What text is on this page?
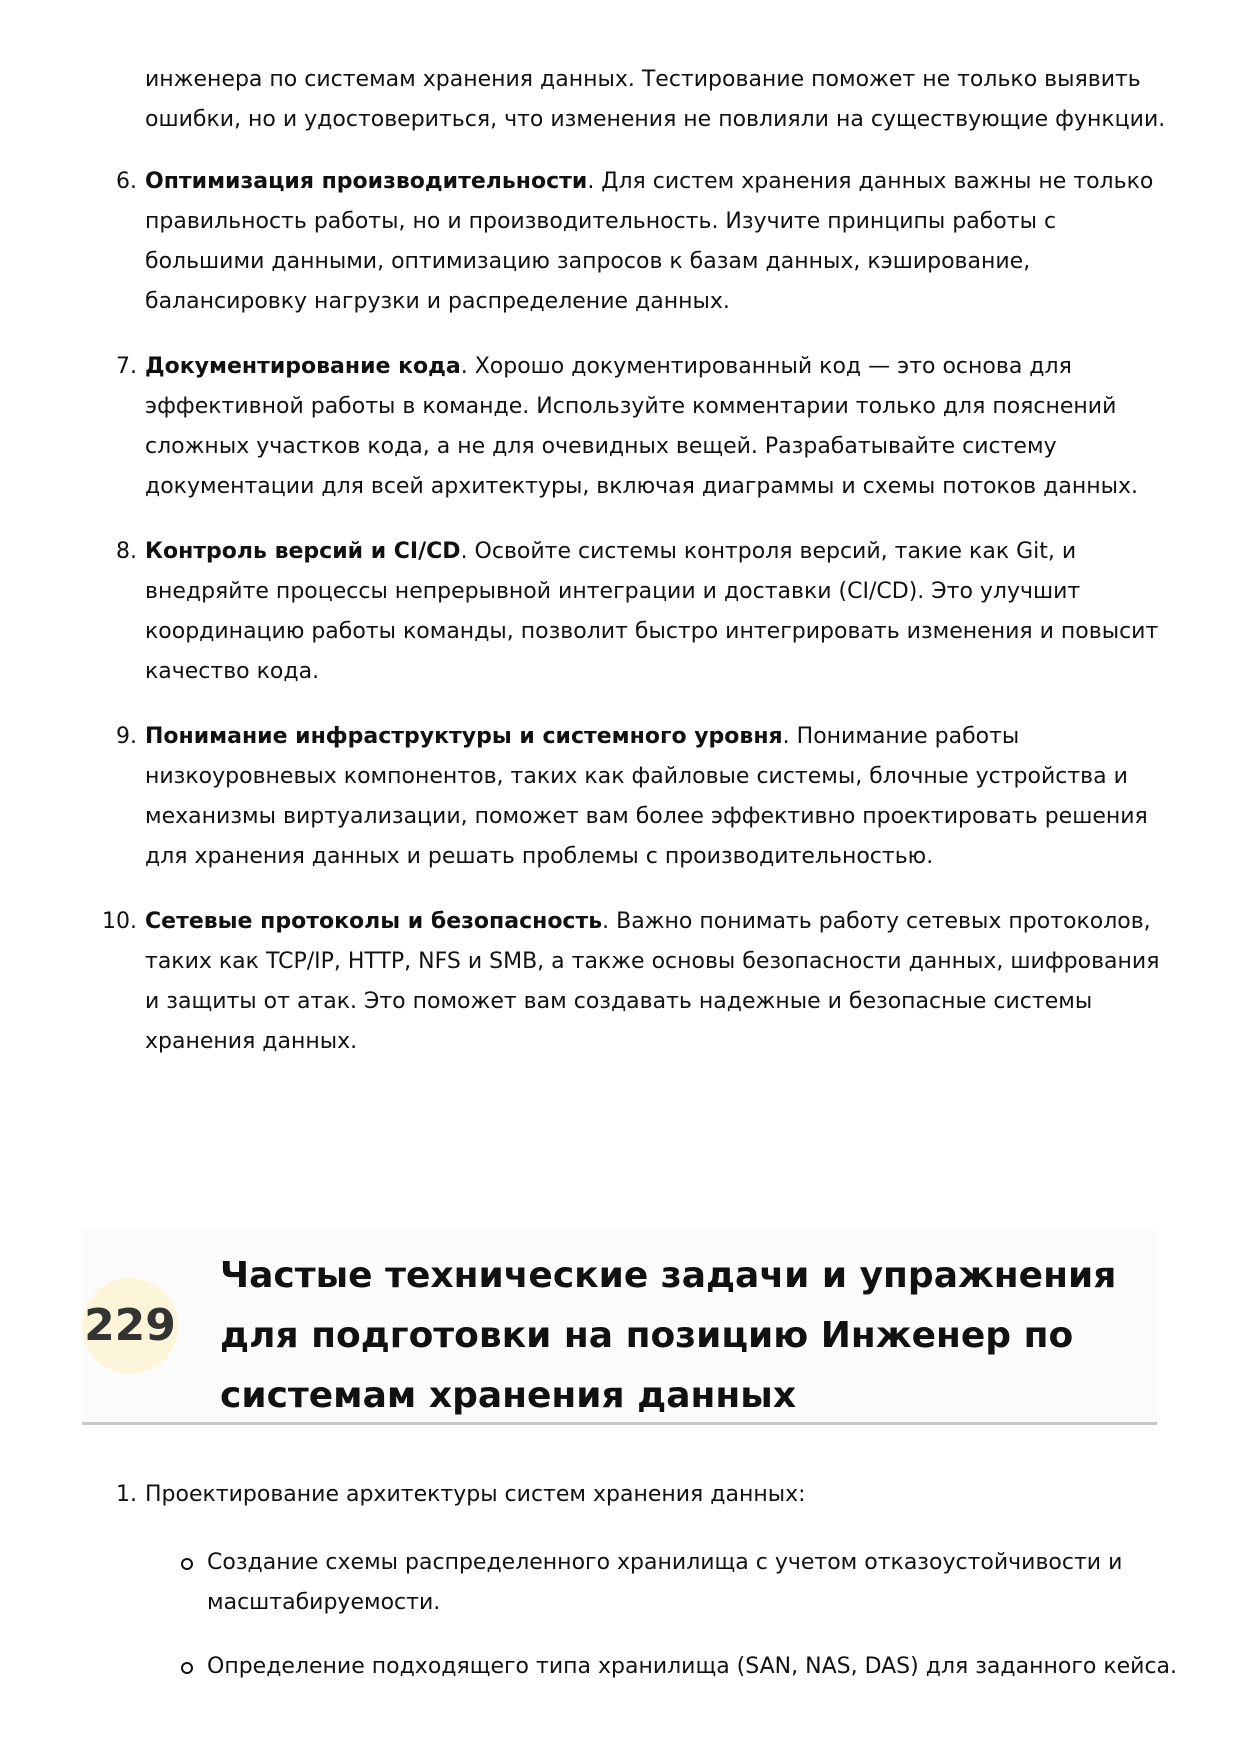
инженера по системам хранения данных. Тестирование поможет не только выявить
ошибки, но и удостовериться, что изменения не повлияли на существующие функции.
6. Оптимизация производительности. Для систем хранения данных важны не только правильность работы, но и производительность. Изучите принципы работы с большими данными, оптимизацию запросов к базам данных, кэширование, балансировку нагрузки и распределение данных.
7. Документирование кода. Хорошо документированный код — это основа для эффективной работы в команде. Используйте комментарии только для пояснений сложных участков кода, а не для очевидных вещей. Разрабатывайте систему документации для всей архитектуры, включая диаграммы и схемы потоков данных.
8. Контроль версий и CI/CD. Освойте системы контроля версий, такие как Git, и внедряйте процессы непрерывной интеграции и доставки (CI/CD). Это улучшит координацию работы команды, позволит быстро интегрировать изменения и повысит качество кода.
9. Понимание инфраструктуры и системного уровня. Понимание работы низкоуровневых компонентов, таких как файловые системы, блочные устройства и механизмы виртуализации, поможет вам более эффективно проектировать решения для хранения данных и решать проблемы с производительностью.
10. Сетевые протоколы и безопасность. Важно понимать работу сетевых протоколов, таких как TCP/IP, HTTP, NFS и SMB, а также основы безопасности данных, шифрования и защиты от атак. Это поможет вам создавать надежные и безопасные системы хранения данных.
229
Частые технические задачи и упражнения для подготовки на позицию Инженер по системам хранения данных
1. Проектирование архитектуры систем хранения данных:
Создание схемы распределенного хранилища с учетом отказоустойчивости и масштабируемости.
Определение подходящего типа хранилища (SAN, NAS, DAS) для заданного кейса.
